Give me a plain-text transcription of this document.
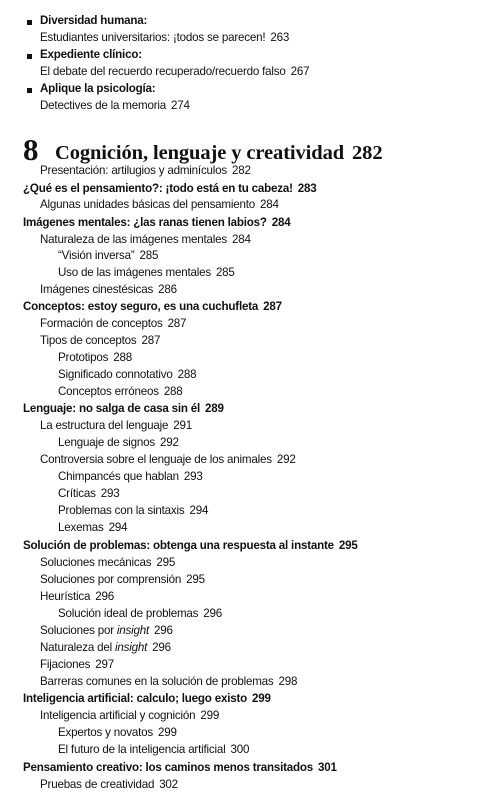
Diversidad humana:
Estudiantes universitarios: ¡todos se parecen! 263
Expediente clínico:
El debate del recuerdo recuperado/recuerdo falso 267
Aplique la psicología:
Detectives de la memoria 274
8 Cognición, lenguaje y creatividad 282
Presentación: artilugios y adminículos 282
¿Qué es el pensamiento?: ¡todo está en tu cabeza! 283
Algunas unidades básicas del pensamiento 284
Imágenes mentales: ¿las ranas tienen labios? 284
Naturaleza de las imágenes mentales 284
“Visión inversa” 285
Uso de las imágenes mentales 285
Imágenes cinestésicas 286
Conceptos: estoy seguro, es una cuchufleta 287
Formación de conceptos 287
Tipos de conceptos 287
Prototipos 288
Significado connotativo 288
Conceptos erróneos 288
Lenguaje: no salga de casa sin él 289
La estructura del lenguaje 291
Lenguaje de signos 292
Controversia sobre el lenguaje de los animales 292
Chimpancés que hablan 293
Críticas 293
Problemas con la sintaxis 294
Lexemas 294
Solución de problemas: obtenga una respuesta al instante 295
Soluciones mecánicas 295
Soluciones por comprensión 295
Heurística 296
Solución ideal de problemas 296
Soluciones por insight 296
Naturaleza del insight 296
Fijaciones 297
Barreras comunes en la solución de problemas 298
Inteligencia artificial: calculo; luego existo 299
Inteligencia artificial y cognición 299
Expertos y novatos 299
El futuro de la inteligencia artificial 300
Pensamiento creativo: los caminos menos transitados 301
Pruebas de creatividad 302
